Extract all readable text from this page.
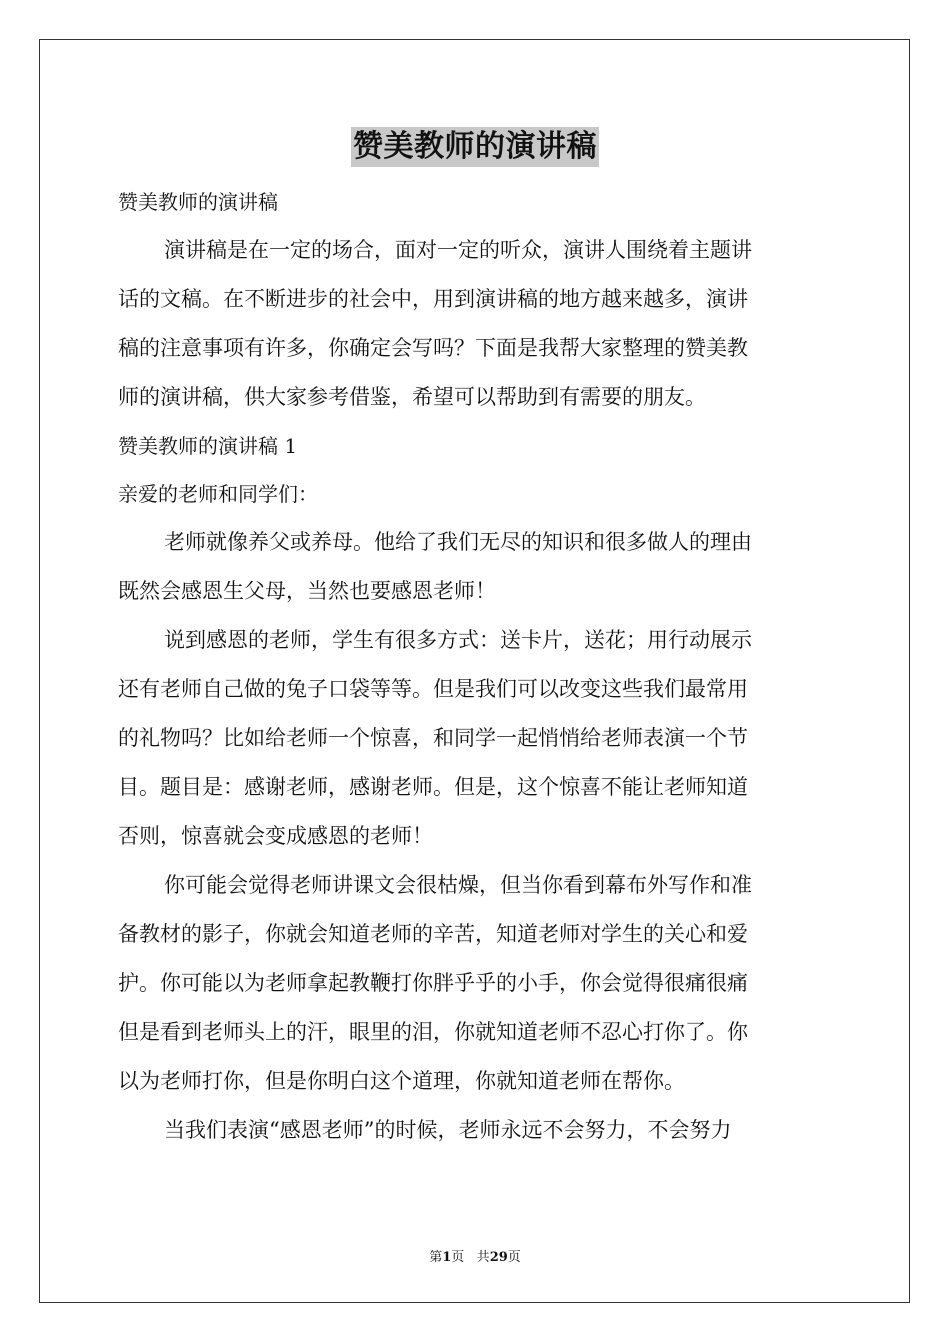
赞美教师的演讲稿
赞美教师的演讲稿
演讲稿是在一定的场合，面对一定的听众，演讲人围绕着主题讲
话的文稿。在不断进步的社会中，用到演讲稿的地方越来越多，演讲
稿的注意事项有许多，你确定会写吗？下面是我帮大家整理的赞美教
师的演讲稿，供大家参考借鉴，希望可以帮助到有需要的朋友。
赞美教师的演讲稿 1
亲爱的老师和同学们：
老师就像养父或养母。他给了我们无尽的知识和很多做人的理由
既然会感恩生父母，当然也要感恩老师！
说到感恩的老师，学生有很多方式：送卡片，送花；用行动展示
还有老师自己做的兔子口袋等等。但是我们可以改变这些我们最常用
的礼物吗？比如给老师一个惊喜，和同学一起悄悄给老师表演一个节
目。题目是：感谢老师，感谢老师。但是，这个惊喜不能让老师知道
否则，惊喜就会变成感恩的老师！
你可能会觉得老师讲课文会很枯燥，但当你看到幕布外写作和准
备教材的影子，你就会知道老师的辛苦，知道老师对学生的关心和爱
护。你可能以为老师拿起教鞭打你胖乎乎的小手，你会觉得很痛很痛
但是看到老师头上的汗，眼里的泪，你就知道老师不忍心打你了。你
以为老师打你，但是你明白这个道理，你就知道老师在帮你。
当我们表演“感恩老师”的时候，老师永远不会努力，不会努力
第1页 共29页
